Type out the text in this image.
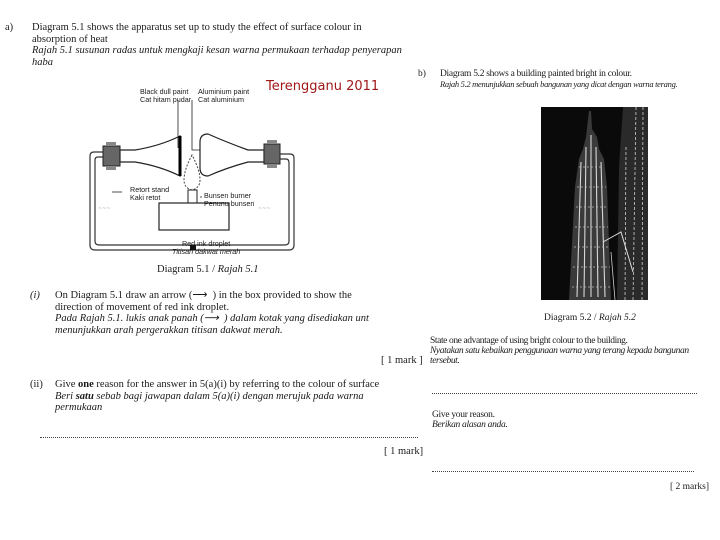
a) Diagram 5.1 shows the apparatus set up to study the effect of surface colour in
absorption of heat
Rajah 5.1 susunan radas untuk mengkaji kesan warna permukaan terhadap penyerapan
haba
Terengganu 2011
Black dull paint
Cat hitam pudar
Aluminium paint
Cat aluminium
~~~	~~~
Retort stand
Kaki retot	Bunsen burner
Penunu bunsen
Red ink droplet
Titisan dakwat merah
Diagram 5.1 / Rajah 5.1
(i) On Diagram 5.1 draw an arrow (⟶  ) in the box provided to show the
direction of movement of red ink droplet.
Pada Rajah 5.1. lukis anak panah (⟶  ) dalam kotak yang disediakan unt
menunjukkan arah pergerakkan titisan dakwat merah.
[ 1 mark ]
(ii) Give one reason for the answer in 5(a)(i) by referring to the colour of surface
Beri satu sebab bagi jawapan dalam 5(a)(i) dengan merujuk pada warna
permukaan
[ 1 mark]
b) Diagram 5.2 shows a building painted bright in colour.
Rajah 5.2 menunjukkan sebuah bangunan yang dicat dengan warna terang.
Diagram 5.2 / Rajah 5.2
State one advantage of using bright colour to the building.
Nyatakan satu kebaikan penggunaan warna yang terang kepada bangunan tersebut.
Give your reason.
Berikan alasan anda.
[ 2 marks]
